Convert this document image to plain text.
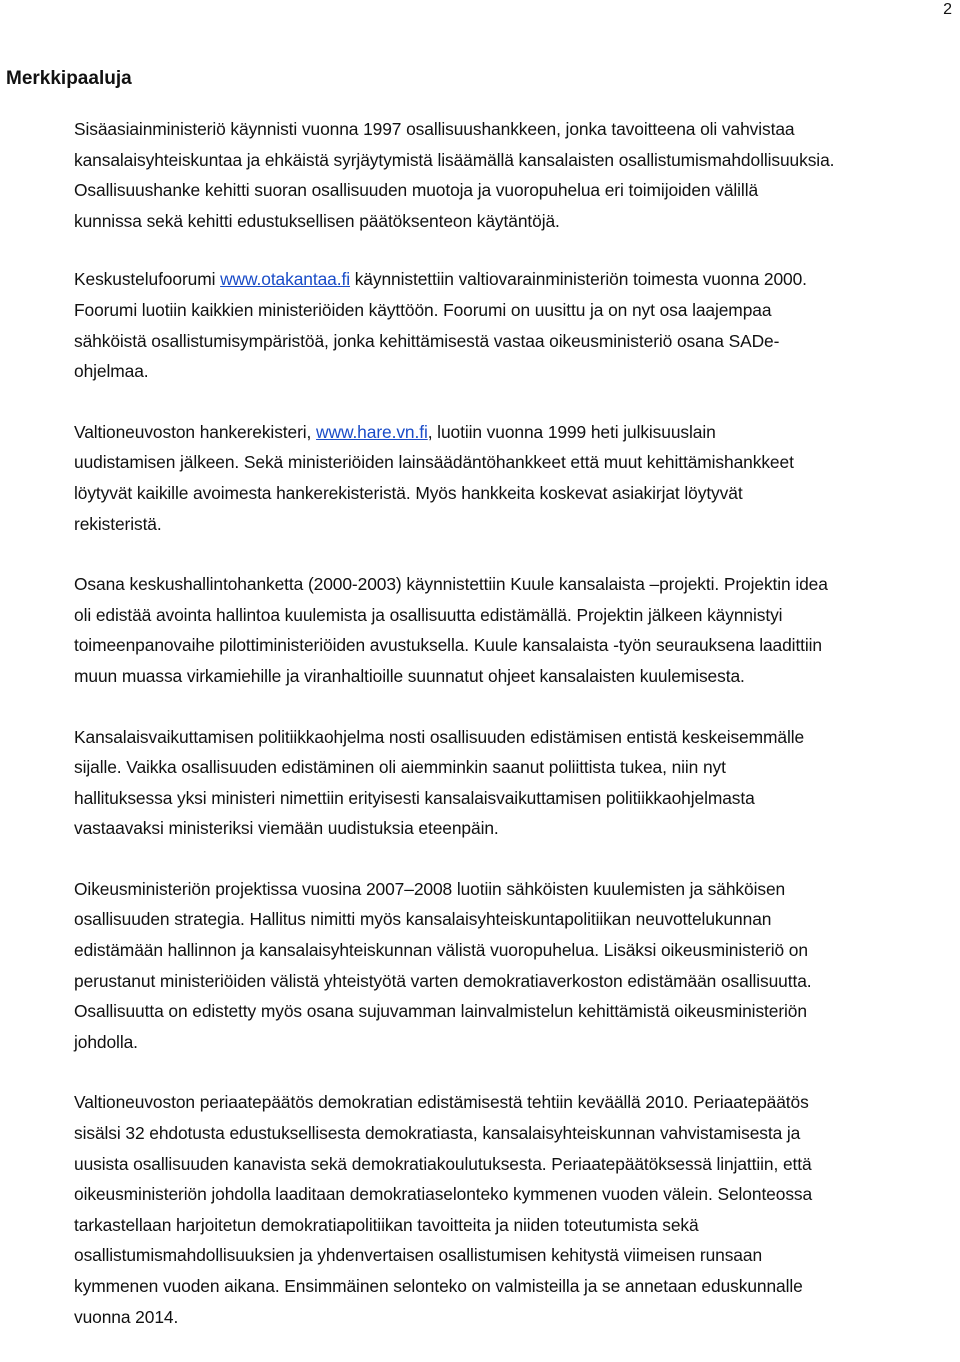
2
Merkkipaaluja

Sisäasiainministeriö käynnisti vuonna 1997 osallisuushankkeen, jonka tavoitteena oli vahvistaa
kansalaisyhteiskuntaa ja ehkäistä syrjäytymistä lisäämällä kansalaisten osallistumismahdollisuuksia.
Osallisuushanke kehitti suoran osallisuuden muotoja ja vuoropuhelua eri toimijoiden välillä
kunnissa sekä kehitti edustuksellisen päätöksenteon käytäntöjä.

Keskustelufoorumi www.otakantaa.fi käynnistettiin valtiovarainministeriön toimesta vuonna 2000.
Foorumi luotiin kaikkien ministeriöiden käyttöön. Foorumi on uusittu ja on nyt osa laajempaa
sähköistä osallistumisympäristöä, jonka kehittämisestä vastaa oikeusministeriö osana SADe-
ohjelmaa.

Valtioneuvoston hankerekisteri, www.hare.vn.fi, luotiin vuonna 1999 heti julkisuuslain
uudistamisen jälkeen. Sekä ministeriöiden lainsäädäntöhankkeet että muut kehittämishankkeet
löytyvät kaikille avoimesta hankerekisteristä. Myös hankkeita koskevat asiakirjat löytyvät
rekisteristä.

Osana keskushallintohanketta (2000-2003) käynnistettiin Kuule kansalaista –projekti. Projektin idea
oli edistää avointa hallintoa kuulemista ja osallisuutta edistämällä. Projektin jälkeen käynnistyi
toimeenpanovaihe pilottiministeriöiden avustuksella. Kuule kansalaista -työn seurauksena laadittiin
muun muassa virkamiehille ja viranhaltioille suunnatut ohjeet kansalaisten kuulemisesta.

Kansalaisvaikuttamisen politiikkaohjelma nosti osallisuuden edistämisen entistä keskeisemmälle
sijalle. Vaikka osallisuuden edistäminen oli aiemminkin saanut poliittista tukea, niin nyt
hallituksessa yksi ministeri nimettiin erityisesti kansalaisvaikuttamisen politiikkaohjelmasta
vastaavaksi ministeriksi viemään uudistuksia eteenpäin.

Oikeusministeriön projektissa vuosina 2007–2008 luotiin sähköisten kuulemisten ja sähköisen
osallisuuden strategia. Hallitus nimitti myös kansalaisyhteiskuntapolitiikan neuvottelukunnan
edistämään hallinnon ja kansalaisyhteiskunnan välistä vuoropuhelua. Lisäksi oikeusministeriö on
perustanut ministeriöiden välistä yhteistyötä varten demokratiaverkoston edistämään osallisuutta.
Osallisuutta on edistetty myös osana sujuvamman lainvalmistelun kehittämistä oikeusministeriön
johdolla.

Valtioneuvoston periaatepäätös demokratian edistämisestä tehtiin keväällä 2010. Periaatepäätös
sisälsi 32 ehdotusta edustuksellisesta demokratiasta, kansalaisyhteiskunnan vahvistamisesta ja
uusista osallisuuden kanavista sekä demokratiakoulutuksesta. Periaatepäätöksessä linjattiin, että
oikeusministeriön johdolla laaditaan demokratiaselonteko kymmenen vuoden välein. Selonteossa
tarkastellaan harjoitetun demokratiapolitiikan tavoitteita ja niiden toteutumista sekä
osallistumismahdollisuuksien ja yhdenvertaisen osallistumisen kehitystä viimeisen runsaan
kymmenen vuoden aikana. Ensimmäinen selonteko on valmisteilla ja se annetaan eduskunnalle
vuonna 2014.
